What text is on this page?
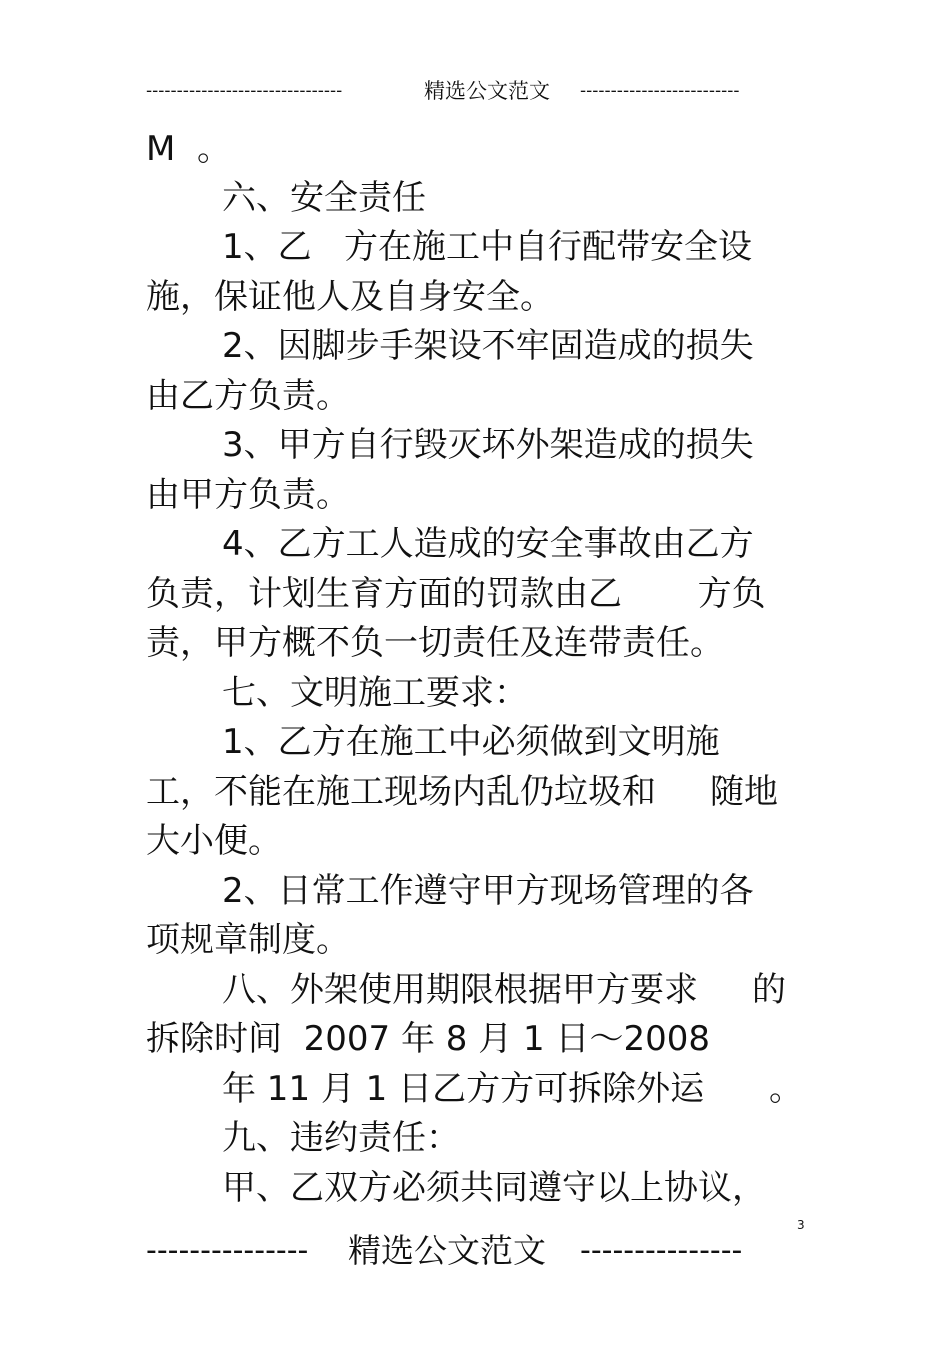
--------------------------------	精选公文范文 --------------------------
M  。
六、安全责任
1、乙   方在施工中自行配带安全设
施，保证他人及自身安全。
2、因脚步手架设不牢固造成的损失
由乙方负责。
3、甲方自行毁灭坏外架造成的损失
由甲方负责。
4、乙方工人造成的安全事故由乙方
负责，计划生育方面的罚款由乙       方负
责，甲方概不负一切责任及连带责任。
七、文明施工要求：
1、乙方在施工中必须做到文明施
工，不能在施工现场内乱仍垃圾和     随地
大小便。
2、日常工作遵守甲方现场管理的各
项规章制度。
八、外架使用期限根据甲方要求     的
拆除时间  2007 年 8 月 1 日～2008
年 11 月 1 日乙方方可拆除外运      。
九、违约责任：
甲、乙双方必须共同遵守以上协议，
3
---------------	精选公文范文 ---------------
